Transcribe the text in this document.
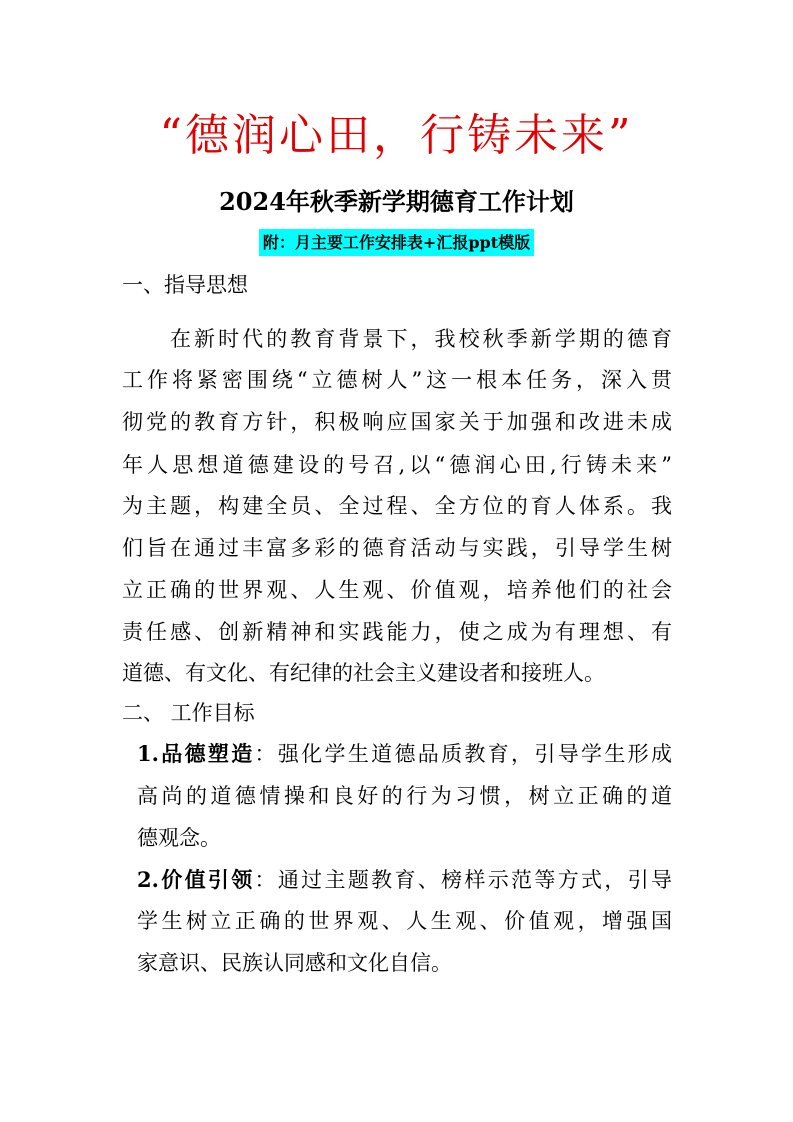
“德润心田，行铸未来”
2024年秋季新学期德育工作计划
附：月主要工作安排表+汇报ppt模版
一、指导思想
在新时代的教育背景下，我校秋季新学期的德育
工作将紧密围绕“立德树人”这一根本任务，深入贯
彻党的教育方针，积极响应国家关于加强和改进未成
年人思想道德建设的号召,以“德润心田,行铸未来”
为主题，构建全员、全过程、全方位的育人体系。我
们旨在通过丰富多彩的德育活动与实践，引导学生树
立正确的世界观、人生观、价值观，培养他们的社会
责任感、创新精神和实践能力，使之成为有理想、有
道德、有文化、有纪律的社会主义建设者和接班人。
二、 工作目标
1.品德塑造：强化学生道德品质教育，引导学生形成
高尚的道德情操和良好的行为习惯，树立正确的道
德观念。
2.价值引领：通过主题教育、榜样示范等方式，引导
学生树立正确的世界观、人生观、价值观，增强国
家意识、民族认同感和文化自信。
